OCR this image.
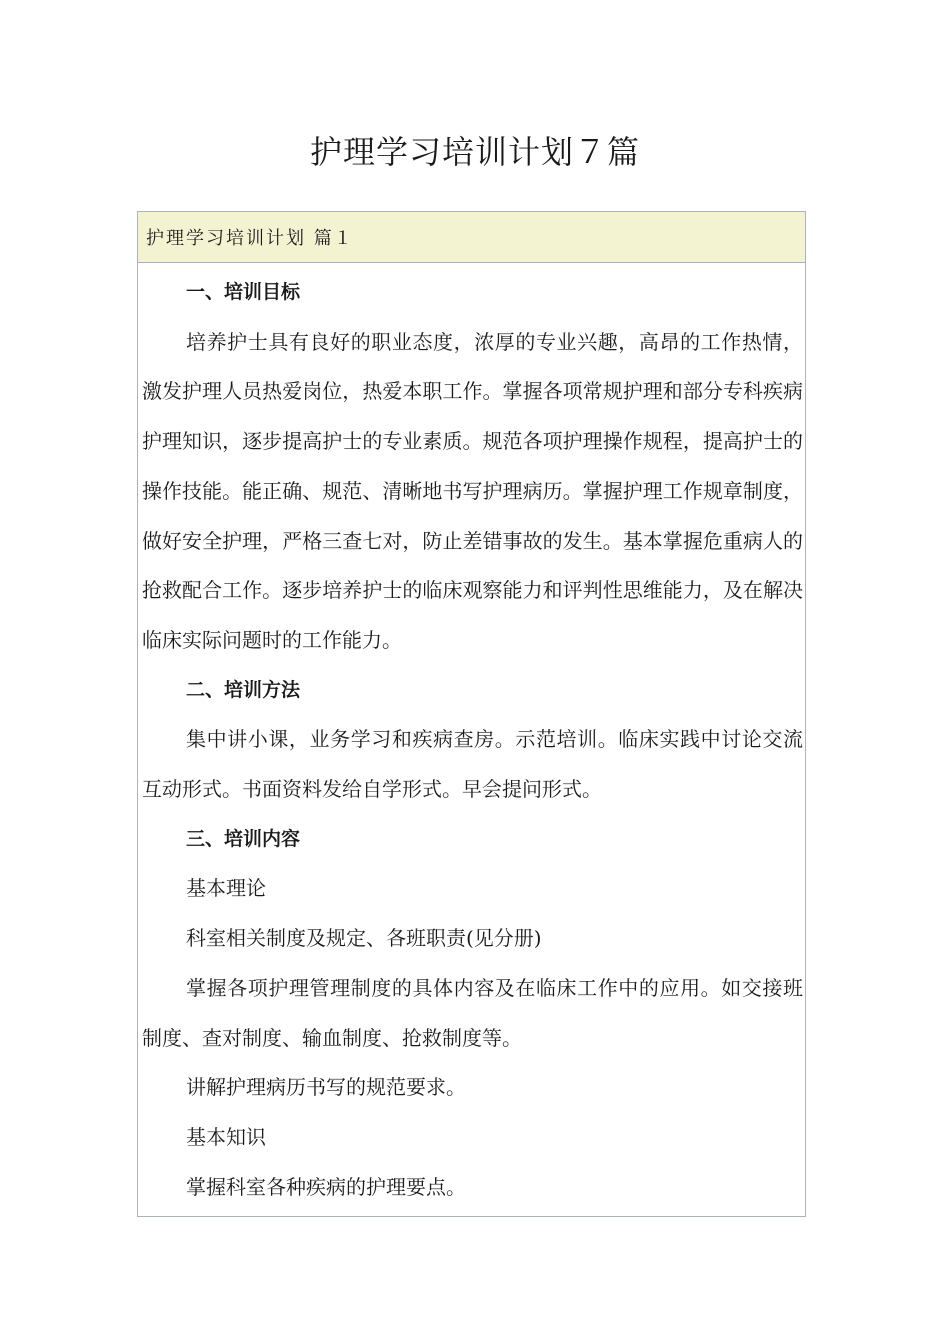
护理学习培训计划７篇
护理学习培训计划 篇１

一、培训目标

培养护士具有良好的职业态度，浓厚的专业兴趣，高昂的工作热情，激发护理人员热爱岗位，热爱本职工作。掌握各项常规护理和部分专科疾病护理知识，逐步提高护士的专业素质。规范各项护理操作规程，提高护士的操作技能。能正确、规范、清晰地书写护理病历。掌握护理工作规章制度，做好安全护理，严格三查七对，防止差错事故的发生。基本掌握危重病人的抢救配合工作。逐步培养护士的临床观察能力和评判性思维能力，及在解决临床实际问题时的工作能力。

二、培训方法

集中讲小课，业务学习和疾病查房。示范培训。临床实践中讨论交流互动形式。书面资料发给自学形式。早会提问形式。

三、培训内容

基本理论

科室相关制度及规定、各班职责(见分册)

掌握各项护理管理制度的具体内容及在临床工作中的应用。如交接班制度、查对制度、输血制度、抢救制度等。

讲解护理病历书写的规范要求。

基本知识

掌握科室各种疾病的护理要点。
